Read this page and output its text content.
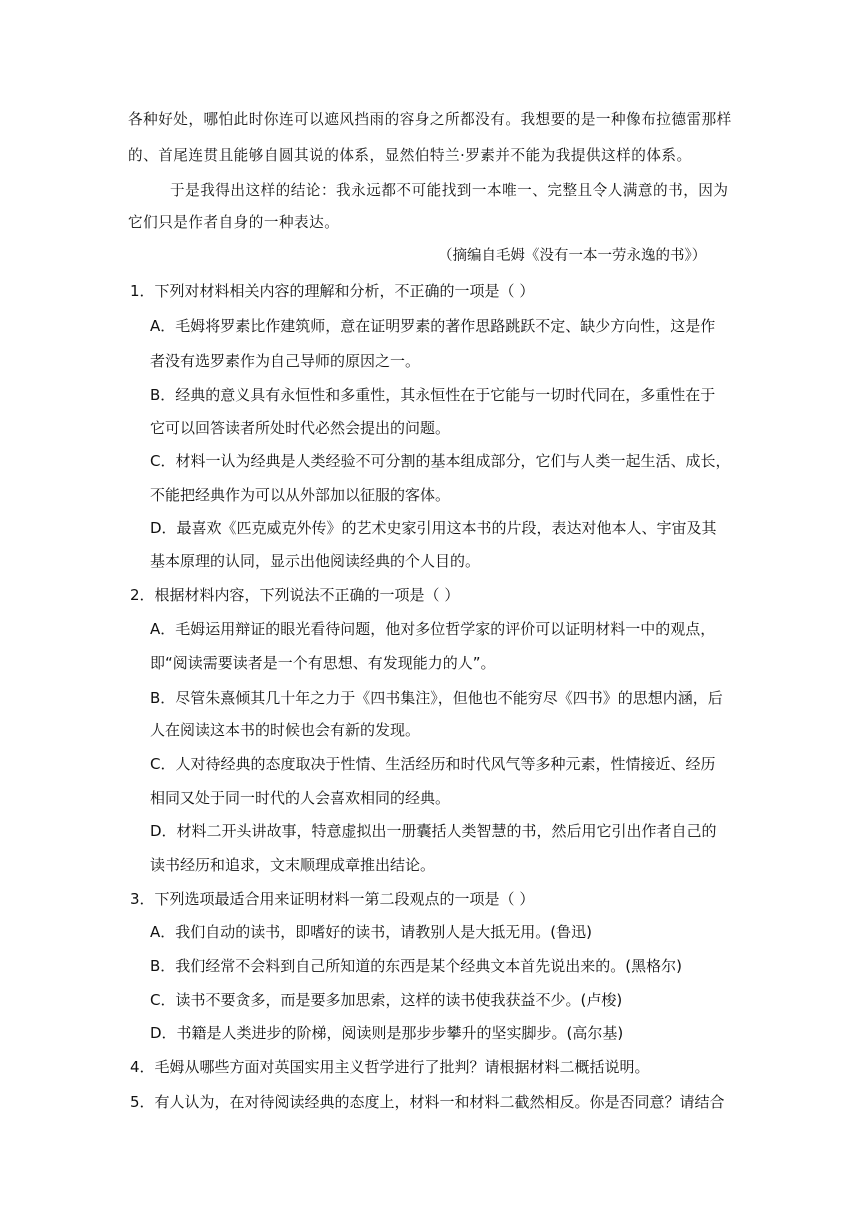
各种好处，哪怕此时你连可以遮风挡雨的容身之所都没有。我想要的是一种像布拉德雷那样
的、首尾连贯且能够自圆其说的体系，显然伯特兰·罗素并不能为我提供这样的体系。
于是我得出这样的结论：我永远都不可能找到一本唯一、完整且令人满意的书，因为
它们只是作者自身的一种表达。
（摘编自毛姆《没有一本一劳永逸的书》）
1．下列对材料相关内容的理解和分析，不正确的一项是（ ）
A．毛姆将罗素比作建筑师，意在证明罗素的著作思路跳跃不定、缺少方向性，这是作
者没有选罗素作为自己导师的原因之一。
B．经典的意义具有永恒性和多重性，其永恒性在于它能与一切时代同在，多重性在于
它可以回答读者所处时代必然会提出的问题。
C．材料一认为经典是人类经验不可分割的基本组成部分，它们与人类一起生活、成长，
不能把经典作为可以从外部加以征服的客体。
D．最喜欢《匹克威克外传》的艺术史家引用这本书的片段，表达对他本人、宇宙及其
基本原理的认同，显示出他阅读经典的个人目的。
2．根据材料内容，下列说法不正确的一项是（ ）
A．毛姆运用辩证的眼光看待问题，他对多位哲学家的评价可以证明材料一中的观点，
即“阅读需要读者是一个有思想、有发现能力的人”。
B．尽管朱熹倾其几十年之力于《四书集注》，但他也不能穷尽《四书》的思想内涵，后
人在阅读这本书的时候也会有新的发现。
C．人对待经典的态度取决于性情、生活经历和时代风气等多种元素，性情接近、经历
相同又处于同一时代的人会喜欢相同的经典。
D．材料二开头讲故事，特意虚拟出一册囊括人类智慧的书，然后用它引出作者自己的
读书经历和追求，文末顺理成章推出结论。
3．下列选项最适合用来证明材料一第二段观点的一项是（ ）
A．我们自动的读书，即嗜好的读书，请教别人是大抵无用。(鲁迅)
B．我们经常不会料到自己所知道的东西是某个经典文本首先说出来的。(黑格尔)
C．读书不要贪多，而是要多加思索，这样的读书使我获益不少。(卢梭)
D．书籍是人类进步的阶梯，阅读则是那步步攀升的坚实脚步。(高尔基)
4．毛姆从哪些方面对英国实用主义哲学进行了批判？请根据材料二概括说明。
5．有人认为，在对待阅读经典的态度上，材料一和材料二截然相反。你是否同意？请结合
